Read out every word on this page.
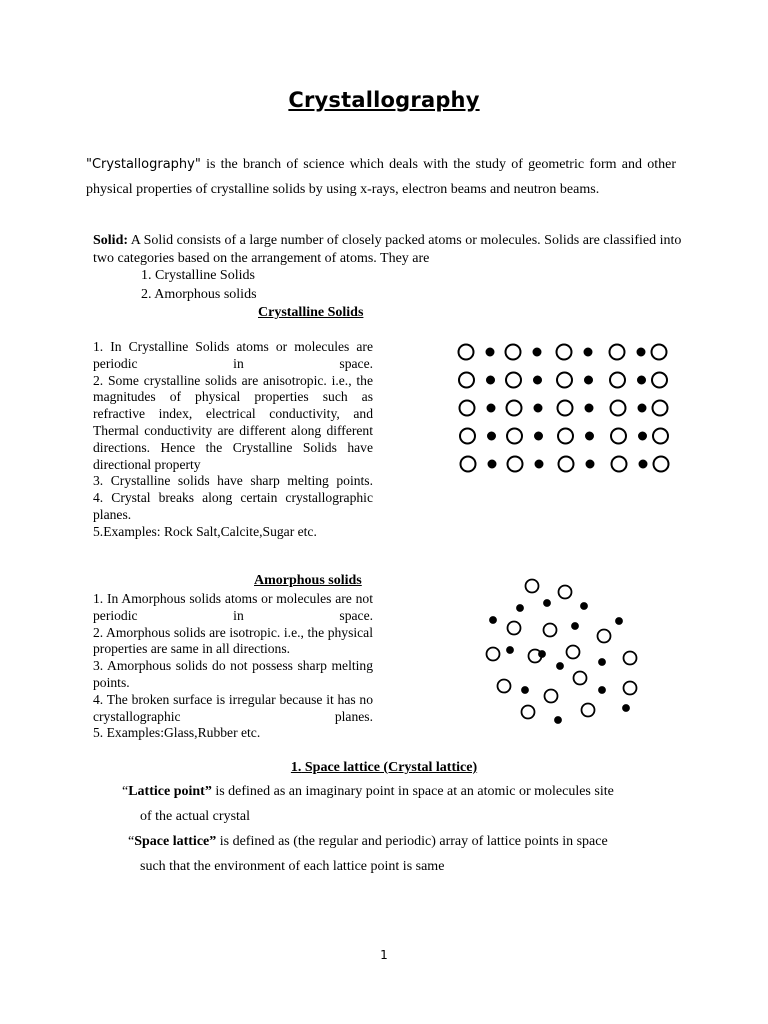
Crystallography
"Crystallography" is the branch of science which deals with the study of geometric form and other physical properties of crystalline solids by using x-rays, electron beams and neutron beams.
Solid: A Solid consists of a large number of closely packed atoms or molecules. Solids are classified into two categories based on the arrangement of atoms. They are
1. Crystalline Solids
2. Amorphous solids
Crystalline Solids

1. In Crystalline Solids atoms or molecules are periodic in space.

2. Some crystalline solids are anisotropic. i.e., the magnitudes of physical properties such as refractive index, electrical conductivity, and Thermal conductivity are different along different directions. Hence the Crystalline Solids have directional property

3. Crystalline solids have sharp melting points.

4. Crystal breaks along certain crystallographic planes.

5.Examples: Rock Salt,Calcite,Sugar etc.

Amorphous solids

1. In Amorphous solids atoms or molecules are not periodic in space.

2. Amorphous solids are isotropic. i.e., the physical properties are same in all directions.

3. Amorphous solids do not possess sharp melting points.

4. The broken surface is irregular because it has no crystallographic planes.

5. Examples:Glass,Rubber etc.

1. Space lattice (Crystal lattice)
“Lattice point” is defined as an imaginary point in space at an atomic or molecules site
of the actual crystal
“Space lattice” is defined as (the regular and periodic) array of lattice points in space
such that the environment of each lattice point is same
1
